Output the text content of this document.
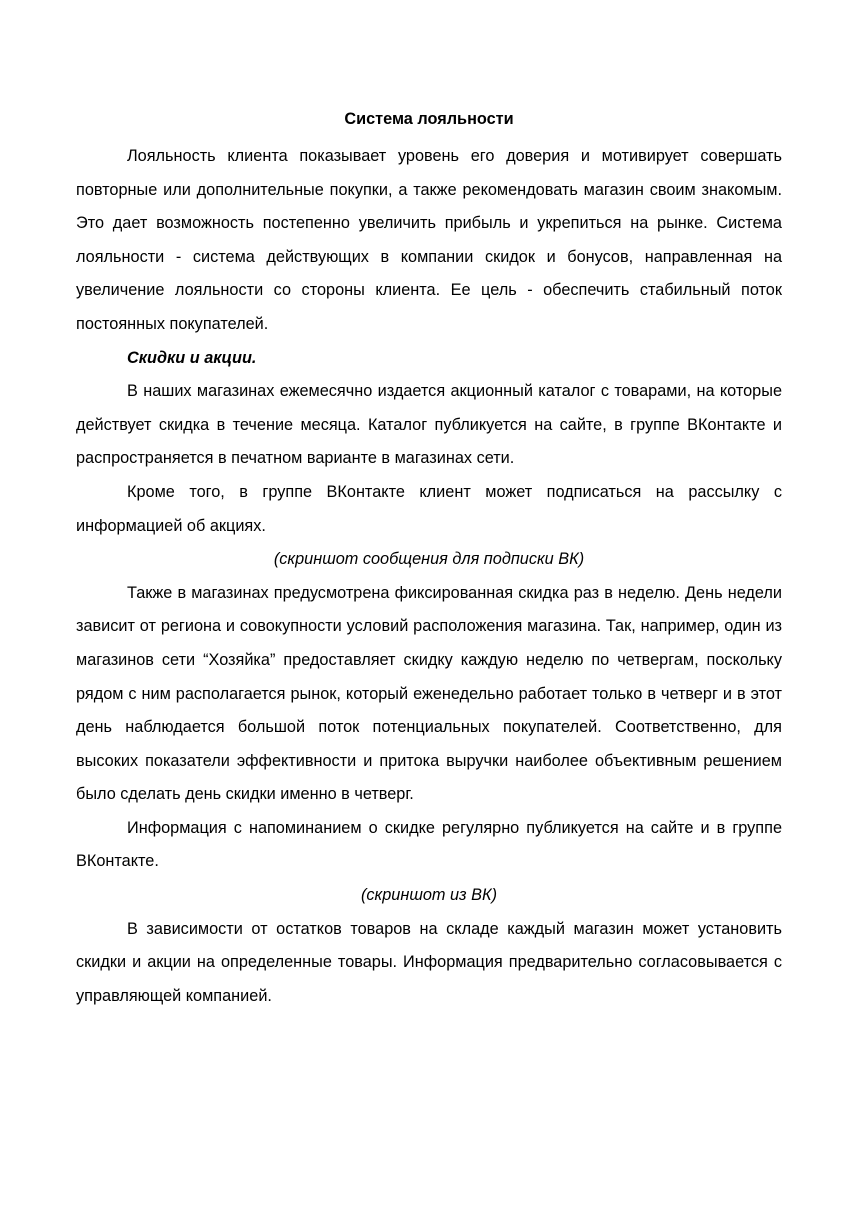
Система лояльности

Лояльность клиента показывает уровень его доверия и мотивирует совершать повторные или дополнительные покупки, а также рекомендовать магазин своим знакомым. Это дает возможность постепенно увеличить прибыль и укрепиться на рынке. Система лояльности - система действующих в компании скидок и бонусов, направленная на увеличение лояльности со стороны клиента. Ее цель - обеспечить стабильный поток постоянных покупателей.

Скидки и акции.

В наших магазинах ежемесячно издается акционный каталог с товарами, на которые действует скидка в течение месяца. Каталог публикуется на сайте, в группе ВКонтакте и распространяется в печатном варианте в магазинах сети.

Кроме того, в группе ВКонтакте клиент может подписаться на рассылку с информацией об акциях.

(скриншот сообщения для подписки ВК)

Также в магазинах предусмотрена фиксированная скидка раз в неделю. День недели зависит от региона и совокупности условий расположения магазина. Так, например, один из магазинов сети “Хозяйка” предоставляет скидку каждую неделю по четвергам, поскольку рядом с ним располагается рынок, который еженедельно работает только в четверг и в этот день наблюдается большой поток потенциальных покупателей. Соответственно, для высоких показатели эффективности и притока выручки наиболее объективным решением было сделать день скидки именно в четверг.

Информация с напоминанием о скидке регулярно публикуется на сайте и в группе ВКонтакте.

(скриншот из ВК)

В зависимости от остатков товаров на складе каждый магазин может установить скидки и акции на определенные товары. Информация предварительно согласовывается с управляющей компанией.
